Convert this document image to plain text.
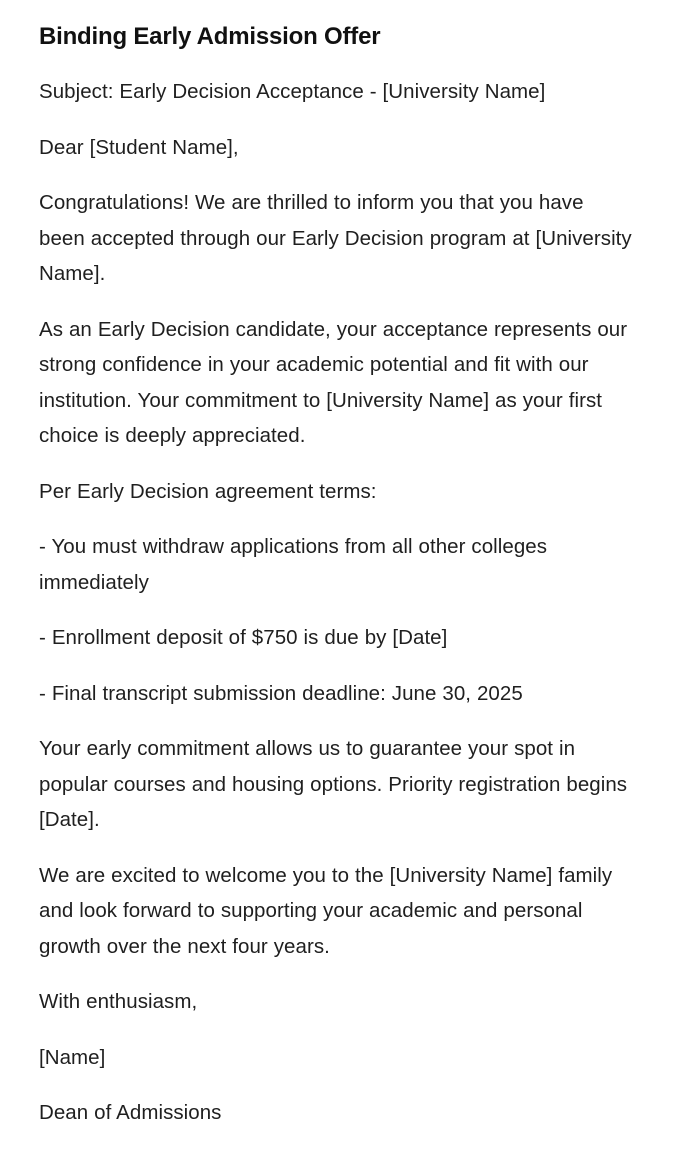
Binding Early Admission Offer

Subject: Early Decision Acceptance - [University Name]

Dear [Student Name],

Congratulations! We are thrilled to inform you that you have been accepted through our Early Decision program at [University Name].

As an Early Decision candidate, your acceptance represents our strong confidence in your academic potential and fit with our institution. Your commitment to [University Name] as your first choice is deeply appreciated.

Per Early Decision agreement terms:

- You must withdraw applications from all other colleges immediately

- Enrollment deposit of $750 is due by [Date]

- Final transcript submission deadline: June 30, 2025

Your early commitment allows us to guarantee your spot in popular courses and housing options. Priority registration begins [Date].

We are excited to welcome you to the [University Name] family and look forward to supporting your academic and personal growth over the next four years.

With enthusiasm,

[Name]

Dean of Admissions
